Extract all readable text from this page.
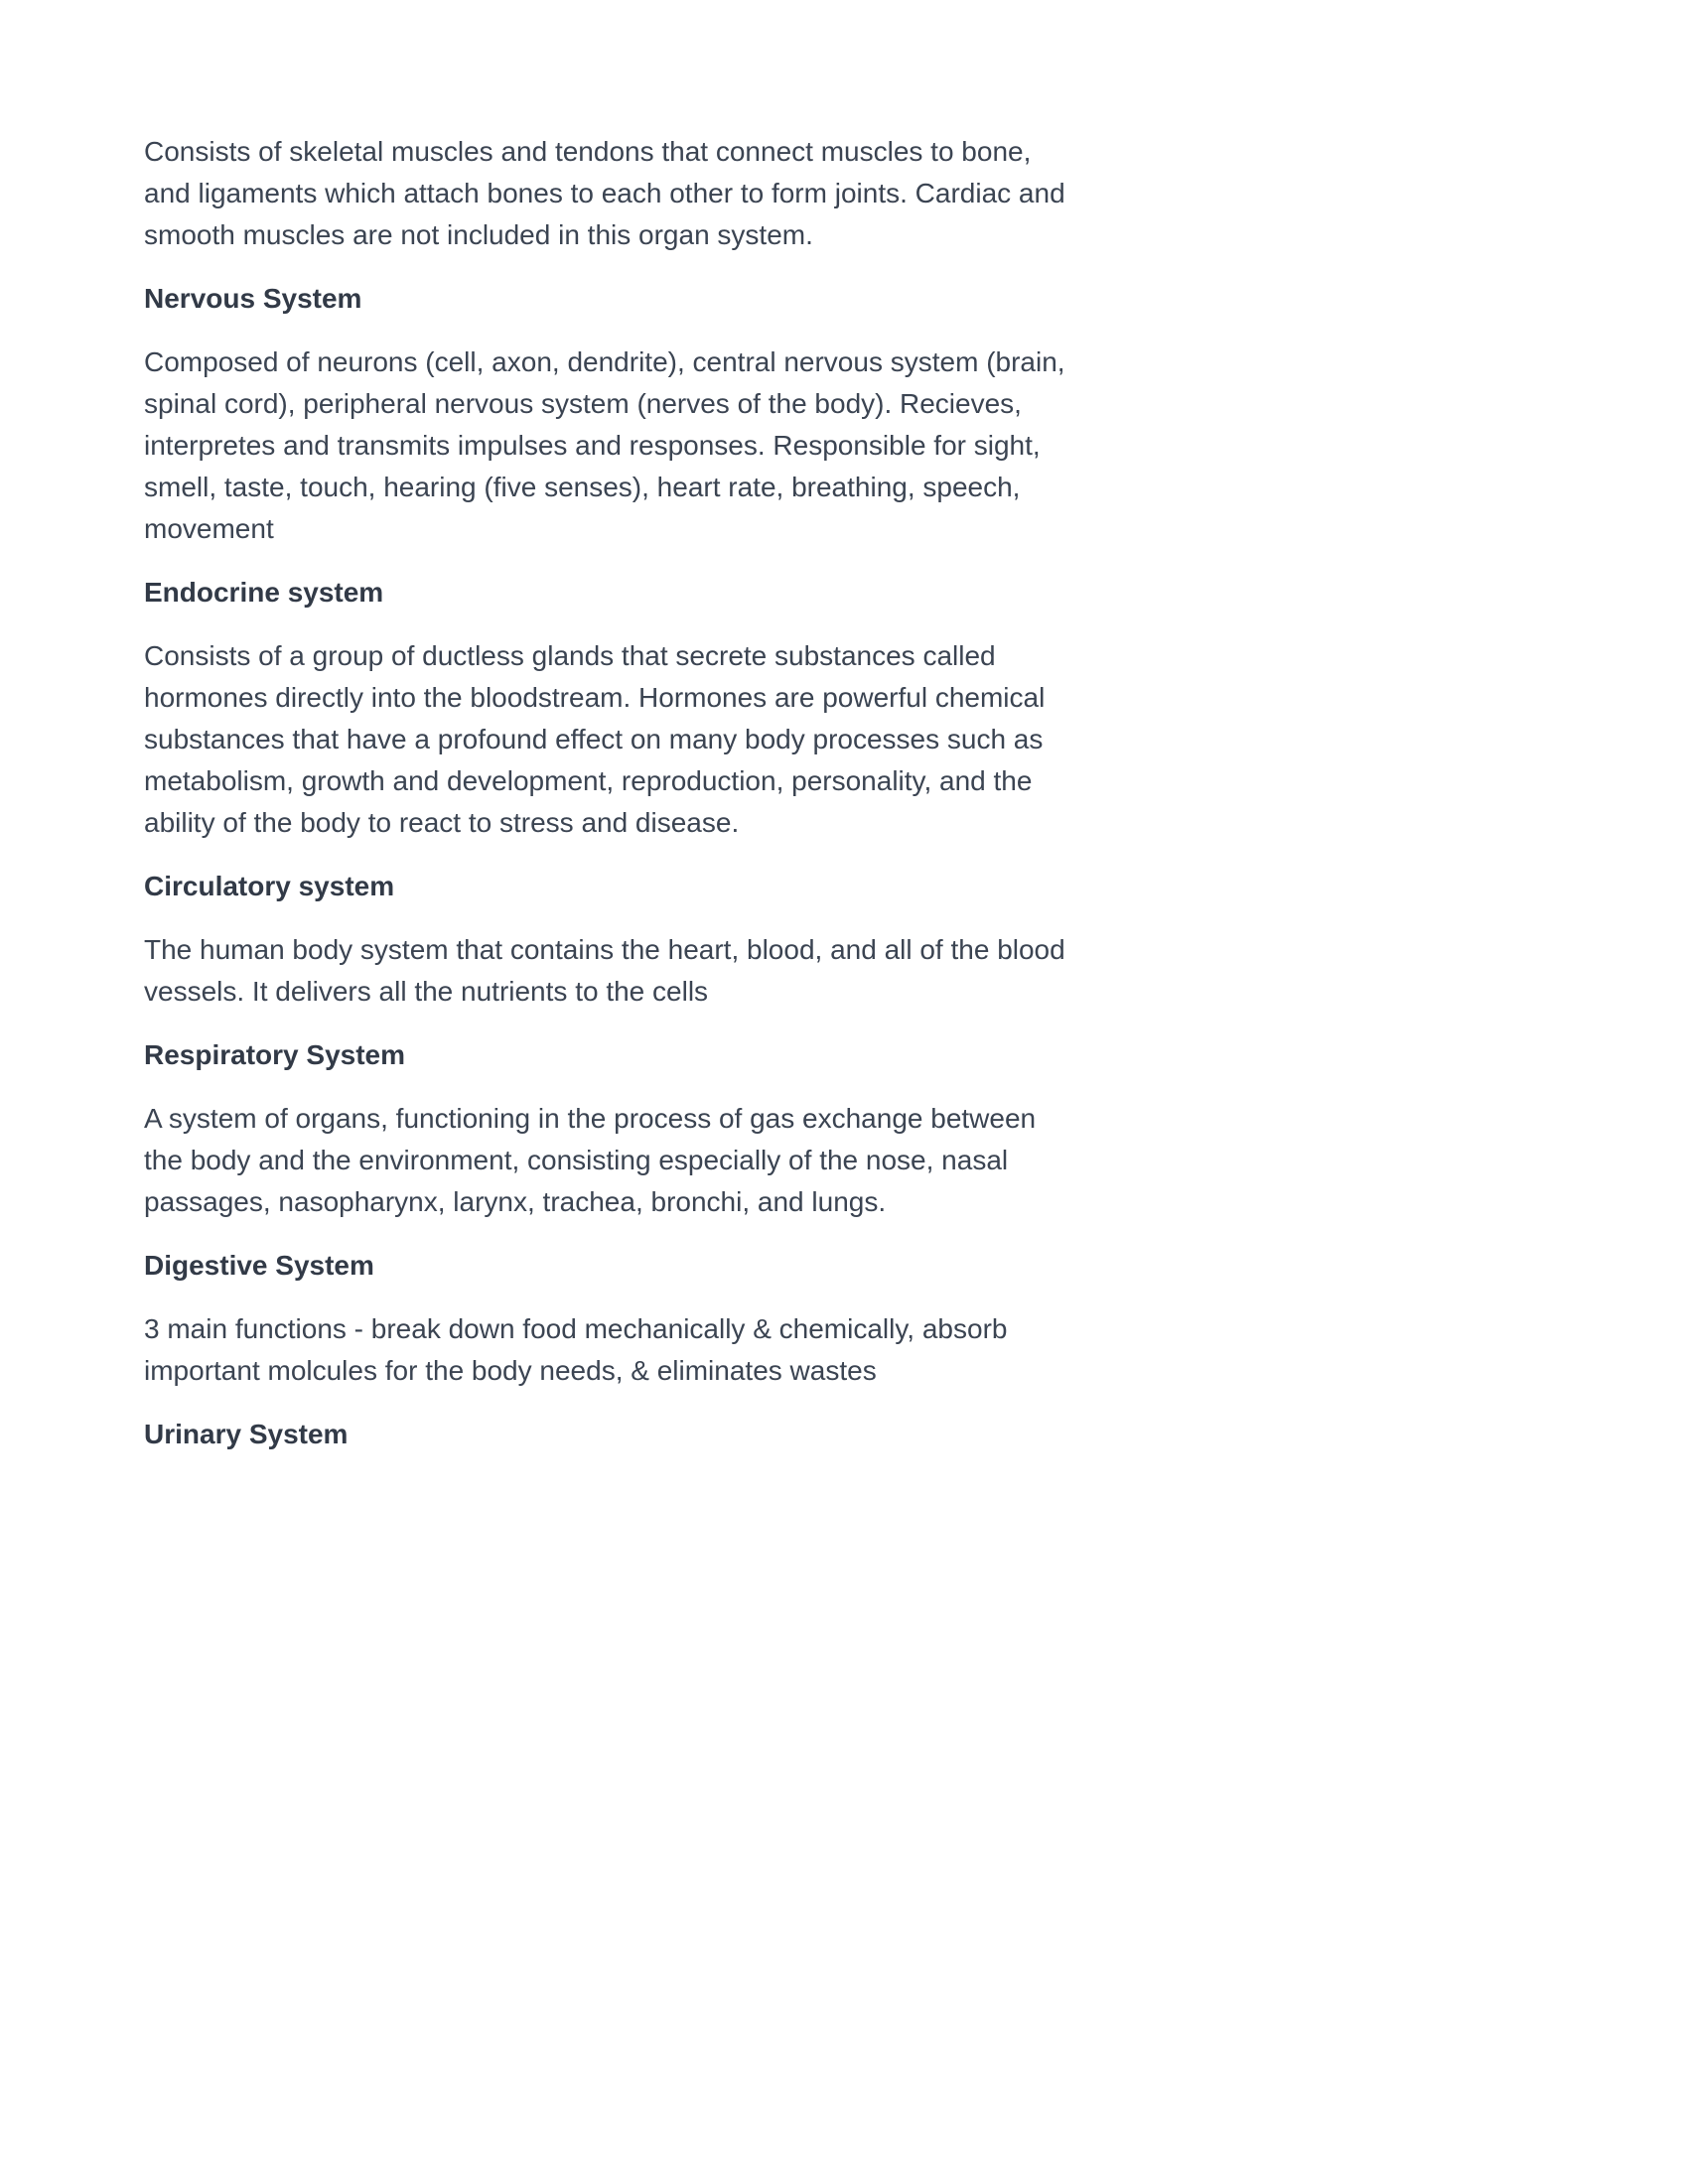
Consists of skeletal muscles and tendons that connect muscles to bone, and ligaments which attach bones to each other to form joints. Cardiac and smooth muscles are not included in this organ system.

Nervous System

Composed of neurons (cell, axon, dendrite), central nervous system (brain, spinal cord), peripheral nervous system (nerves of the body). Recieves, interpretes and transmits impulses and responses. Responsible for sight, smell, taste, touch, hearing (five senses), heart rate, breathing, speech, movement

Endocrine system

Consists of a group of ductless glands that secrete substances called hormones directly into the bloodstream. Hormones are powerful chemical substances that have a profound effect on many body processes such as metabolism, growth and development, reproduction, personality, and the ability of the body to react to stress and disease.

Circulatory system

The human body system that contains the heart, blood, and all of the blood vessels. It delivers all the nutrients to the cells

Respiratory System

A system of organs, functioning in the process of gas exchange between the body and the environment, consisting especially of the nose, nasal passages, nasopharynx, larynx, trachea, bronchi, and lungs.

Digestive System

3 main functions - break down food mechanically & chemically, absorb important molcules for the body needs, & eliminates wastes

Urinary System
